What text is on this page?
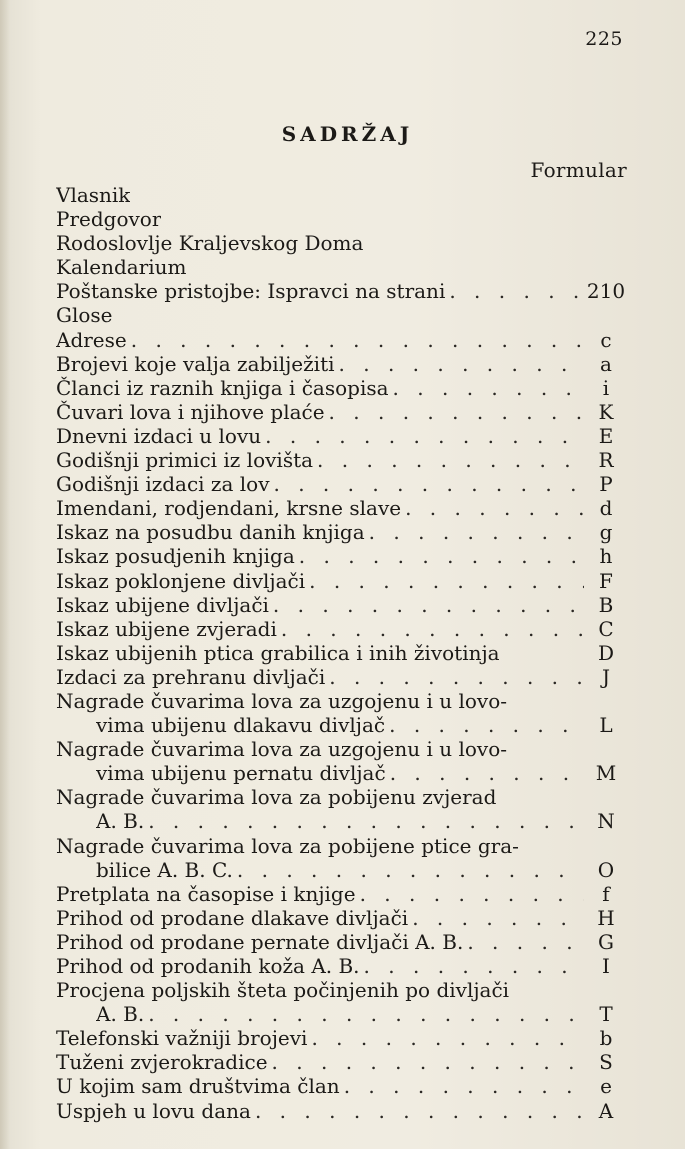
225
SADRŽAJ
Formular
Vlasnik
Predgovor
Rodoslovlje Kraljevskog Doma
Kalendarium
Poštanske pristojbe: Ispravci na strani . . .	210
Glose
Adrese . . .	c
Brojevi koje valja zabilježiti . . .	a
Članci iz raznih knjiga i časopisa . . .	i
Čuvari lova i njihove plaće . . .	K
Dnevni izdaci u lovu . . .	E
Godišnji primici iz lovišta . . .	R
Godišnji izdaci za lov . . .	P
Imendani, rodjendani, krsne slave . . .	d
Iskaz na posudbu danih knjiga . . .	g
Iskaz posudjenih knjiga . . .	h
Iskaz poklonjene divljači . . .	F
Iskaz ubijene divljači . . .	B
Iskaz ubijene zvjeradi . . .	C
Iskaz ubijenih ptica grabilica i inih životinja	D
Izdaci za prehranu divljači . . .	J
Nagrade čuvarima lova za uzgojenu i u lovo-
vima ubijenu dlakavu divljač . . .	L
Nagrade čuvarima lova za uzgojenu i u lovo-
vima ubijenu pernatu divljač . . .	M
Nagrade čuvarima lova za pobijenu zvjerad
A. B. . . .	N
Nagrade čuvarima lova za pobijene ptice gra-
bilice A. B. C. . . .	O
Pretplata na časopise i knjige . . .	f
Prihod od prodane dlakave divljači . . .	H
Prihod od prodane pernate divljači A. B. . . .	G
Prihod od prodanih koža A. B. . . .	I
Procjena poljskih šteta počinjenih po divljači
A. B. . . .	T
Telefonski važniji brojevi . . .	b
Tuženi zvjerokradice . . .	S
U kojim sam društvima član . . .	e
Uspjeh u lovu dana . . .	A
